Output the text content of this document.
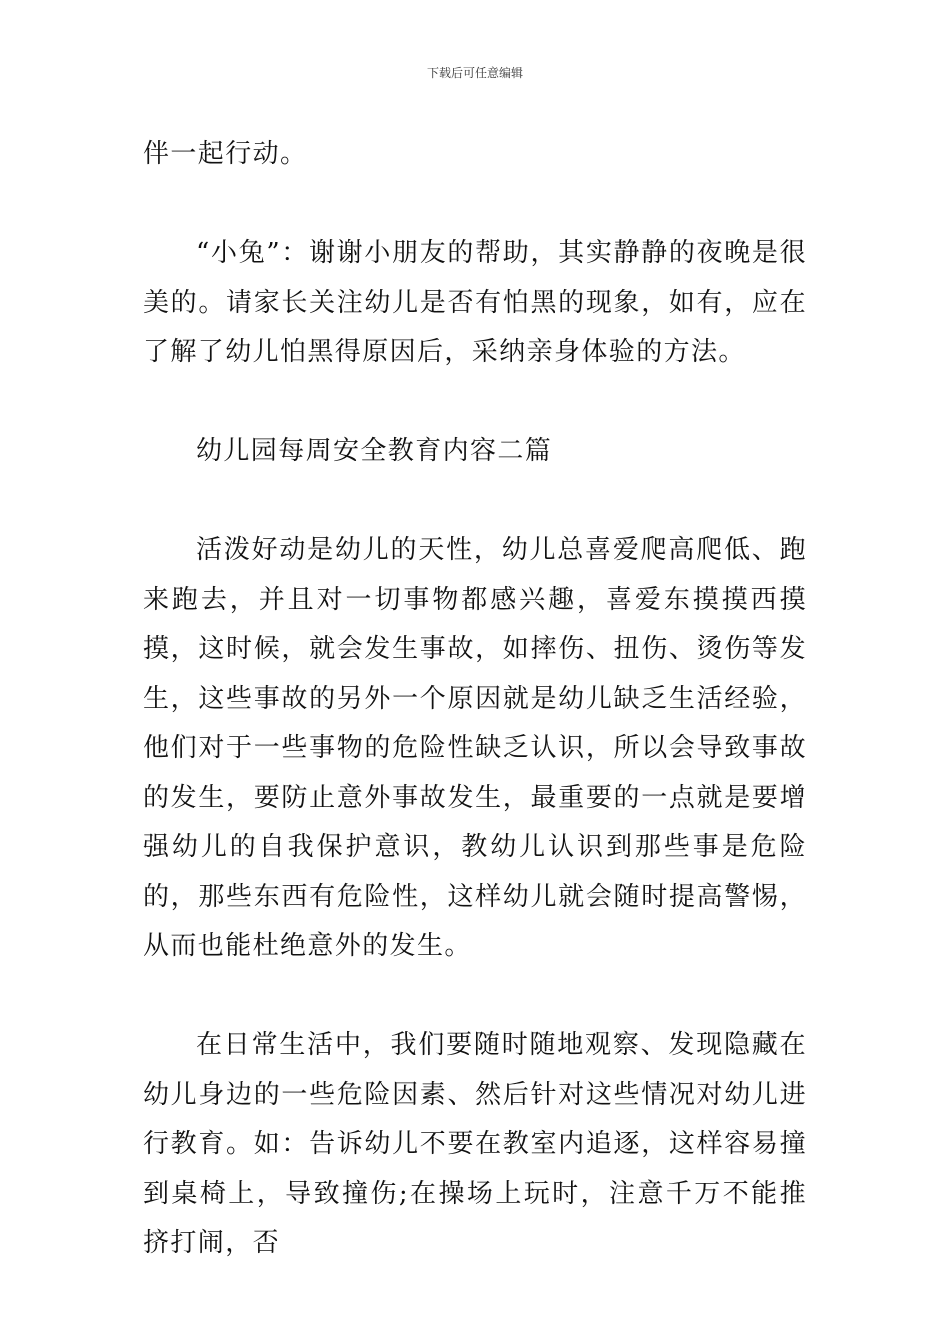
下载后可任意编辑

伴一起行动。

“小兔”：谢谢小朋友的帮助，其实静静的夜晚是很美的。请家长关注幼儿是否有怕黑的现象，如有，应在了解了幼儿怕黑得原因后，采纳亲身体验的方法。

幼儿园每周安全教育内容二篇

活泼好动是幼儿的天性，幼儿总喜爱爬高爬低、跑来跑去，并且对一切事物都感兴趣，喜爱东摸摸西摸摸，这时候，就会发生事故，如摔伤、扭伤、烫伤等发生，这些事故的另外一个原因就是幼儿缺乏生活经验，他们对于一些事物的危险性缺乏认识，所以会导致事故的发生，要防止意外事故发生，最重要的一点就是要增强幼儿的自我保护意识，教幼儿认识到那些事是危险的，那些东西有危险性，这样幼儿就会随时提高警惕，从而也能杜绝意外的发生。

在日常生活中，我们要随时随地观察、发现隐藏在幼儿身边的一些危险因素、然后针对这些情况对幼儿进行教育。如：告诉幼儿不要在教室内追逐，这样容易撞到桌椅上，导致撞伤;在操场上玩时，注意千万不能推挤打闹，否
